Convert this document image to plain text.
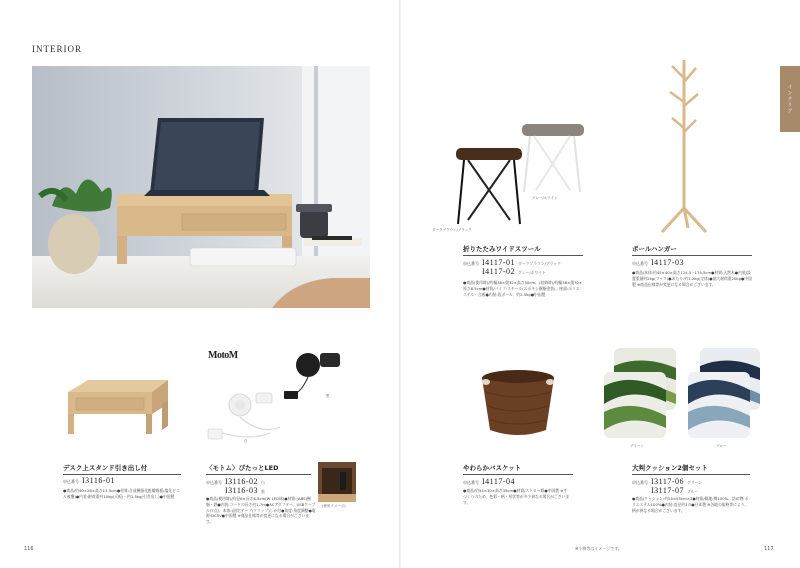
INTERIOR
インテリア
ダークブラウン/ブラック
グレー/ホワイト
折りたたみワイドスツール
申込番号 I4117-01 ダークブラウン/ブラック
I4117-02 グレー/ホワイト
●商品(使用時)/約幅38×奥32×高さ50cm、(収納時)/約幅38×奥70×厚さ8.5cm●材質/パイプ:スチール(エポキシ樹脂塗装)、座面:ポリエステル・合板●内装:段ボール、約2.5kg●中国製
ポールハンガー
申込番号 I4117-03
●商品/本体:約45×40×高さ124.5~174.5cm●材質:天然木●内装/設置重量約2kg(フック)●あたり:約1.2kg(全体)●最大耐荷重20kg●中国製 ※商品仕様等が変更になる場合がございます。
デスク上スタンド引き出し付
申込番号 I3116-01
●商品/約40×26×高さ13.5cm●材質:合成樹脂化粧繊維板(塩化ビニル被覆)●内装:耐荷重約10kg(天板)・約1.5kg(引き出し)●中国製
MotoM
白
黒
〈モトム〉ぴたっとLED
申込番号 I3116-02 白
I3116-03 黒
●商品(使用時)/約径6×長さ6.5cm(W LED球)●材質:(ABS)樹脂・鉄●内装:コードの長さ約1.7m●ACアダプター、USBケーブル(7点)、本体:(固定テープ/クリップ)しか付●角度:角度調整●電源:DC5V●中国製 ※商品仕様等が変更になる場合がございます。
(使用イメージ)
やわらかバスケット
申込番号 I4117-04
●商品/約54×30×高さ39cm●材質/ストロー紙●中国製 ※手づくりのため、色彩・柄・形状等が多少異なる場合がございます。
グリーン	ブルー
大判クッション2個セット
申込番号 I3117-06 グリーン
I3117-07 ブルー
●商品/クッション:約55×55cm×2●材質/側地:綿100%、詰め物:ポリエステル100%●内装:直径約1の●日本製 ※各地の規格等により、柄が異なる場合がございます。
116	※小物等はイメージです。	117
